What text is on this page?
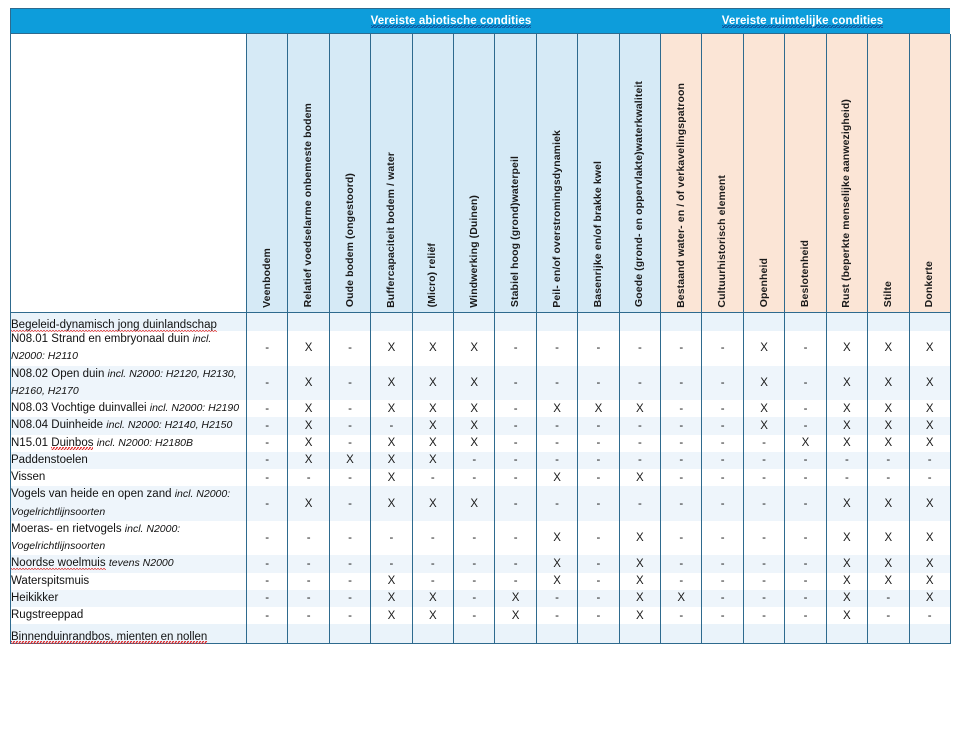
Vereiste abiotische condities	Vereiste ruimtelijke condities

	Veenbodem	Relatief voedselarme onbemeste bodem	Oude bodem (ongestoord)	Buffercapaciteit bodem / water	(Micro) reliëf	Windwerking (Duinen)	Stabiel hoog (grond)waterpeil	Peil- en/of overstromingsdynamiek	Basenrijke en/of brakke kwel	Goede (grond- en oppervlakte)waterkwaliteit	Bestaand water- en / of verkavelingspatroon	Cultuurhistorisch element	Openheid	Beslotenheid	Rust (beperkte menselijke aanwezigheid)	Stilte	Donkerte

Begeleid-dynamisch jong duinlandschap																	
N08.01 Strand en embryonaal duin incl. N2000: H2110	-	X	-	X	X	X	-	-	-	-	-	-	X	-	X	X	X
N08.02 Open duin incl. N2000: H2120, H2130, H2160, H2170	-	X	-	X	X	X	-	-	-	-	-	-	X	-	X	X	X
N08.03 Vochtige duinvallei incl. N2000: H2190	-	X	-	X	X	X	-	X	X	X	-	-	X	-	X	X	X
N08.04 Duinheide incl. N2000: H2140, H2150	-	X	-	-	X	X	-	-	-	-	-	-	X	-	X	X	X
N15.01 Duinbos incl. N2000: H2180B	-	X	-	X	X	X	-	-	-	-	-	-	-	X	X	X	X
Paddenstoelen	-	X	X	X	X	-	-	-	-	-	-	-	-	-	-	-	-
Vissen	-	-	-	X	-	-	-	X	-	X	-	-	-	-	-	-	-
Vogels van heide en open zand incl. N2000: Vogelrichtlijnsoorten	-	X	-	X	X	X	-	-	-	-	-	-	-	-	X	X	X
Moeras- en rietvogels incl. N2000: Vogelrichtlijnsoorten	-	-	-	-	-	-	-	X	-	X	-	-	-	-	X	X	X
Noordse woelmuis tevens N2000	-	-	-	-	-	-	-	X	-	X	-	-	-	-	X	X	X
Waterspitsmuis	-	-	-	X	-	-	-	X	-	X	-	-	-	-	X	X	X
Heikikker	-	-	-	X	X	-	X	-	-	X	X	-	-	-	X	-	X
Rugstreeppad	-	-	-	X	X	-	X	-	-	X	-	-	-	-	X	-	-
Binnenduinrandbos, mienten en nollen																	
